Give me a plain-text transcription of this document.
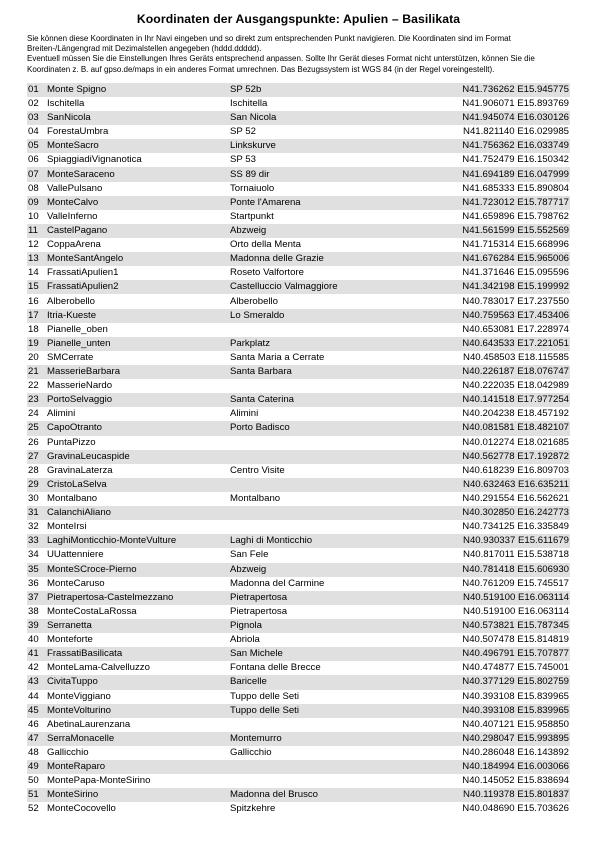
Koordinaten der Ausgangspunkte: Apulien – Basilikata

Sie können diese Koordinaten in Ihr Navi eingeben und so direkt zum entsprechenden Punkt navigieren. Die Koordinaten sind im Format Breiten-/Längengrad mit Dezimalstellen angegeben (hddd.ddddd).

Eventuell müssen Sie die Einstellungen Ihres Geräts entsprechend anpassen. Sollte Ihr Gerät dieses Format nicht unterstützen, können Sie die Koordinaten z. B. auf gpso.de/maps in ein anderes Format umrechnen. Das Bezugssystem ist WGS 84 (in der Regel voreingestellt).

01	Monte Spigno	SP 52b	N41.736262 E15.945775
02	Ischitella	Ischitella	N41.906071 E15.893769
03	SanNicola	San Nicola	N41.945074 E16.030126
04	ForestaUmbra	SP 52	N41.821140 E16.029985
05	MonteSacro	Linkskurve	N41.756362 E16.033749
06	SpiaggiadiVignanotica	SP 53	N41.752479 E16.150342
07	MonteSaraceno	SS 89 dir	N41.694189 E16.047999
08	VallePulsano	Tornaiuolo	N41.685333 E15.890804
09	MonteCalvo	Ponte l'Amarena	N41.723012 E15.787717
10	ValleInferno	Startpunkt	N41.659896 E15.798762
11	CastelPagano	Abzweig	N41.561599 E15.552569
12	CoppaArena	Orto della Menta	N41.715314 E15.668996
13	MonteSantAngelo	Madonna delle Grazie	N41.676284 E15.965006
14	FrassatiApulien1	Roseto Valfortore	N41.371646 E15.095596
15	FrassatiApulien2	Castelluccio Valmaggiore	N41.342198 E15.199992
16	Alberobello	Alberobello	N40.783017 E17.237550
17	Itria-Kueste	Lo Smeraldo	N40.759563 E17.453406
18	Pianelle_oben		N40.653081 E17.228974
19	Pianelle_unten	Parkplatz	N40.643533 E17.221051
20	SMCerrate	Santa Maria a Cerrate	N40.458503 E18.115585
21	MasserieBarbara	Santa Barbara	N40.226187 E18.076747
22	MasserieNardo		N40.222035 E18.042989
23	PortoSelvaggio	Santa Caterina	N40.141518 E17.977254
24	Alimini	Alimini	N40.204238 E18.457192
25	CapoOtranto	Porto Badisco	N40.081581 E18.482107
26	PuntaPizzo		N40.012274 E18.021685
27	GravinaLeucaspide		N40.562778 E17.192872
28	GravinaLaterza	Centro Visite	N40.618239 E16.809703
29	CristoLaSelva		N40.632463 E16.635211
30	Montalbano	Montalbano	N40.291554 E16.562621
31	CalanchiAliano		N40.302850 E16.242773
32	MonteIrsi		N40.734125 E16.335849
33	LaghiMonticchio-MonteVulture	Laghi di Monticchio	N40.930337 E15.611679
34	UUattenniere	San Fele	N40.817011 E15.538718
35	MonteSCroce-Pierno	Abzweig	N40.781418 E15.606930
36	MonteCaruso	Madonna del Carmine	N40.761209 E15.745517
37	Pietrapertosa-Castelmezzano	Pietrapertosa	N40.519100 E16.063114
38	MonteCostaLaRossa	Pietrapertosa	N40.519100 E16.063114
39	Serranetta	Pignola	N40.573821 E15.787345
40	Monteforte	Abriola	N40.507478 E15.814819
41	FrassatiBasilicata	San Michele	N40.496791 E15.707877
42	MonteLama-Calvelluzzo	Fontana delle Brecce	N40.474877 E15.745001
43	CivitaTuppo	Baricelle	N40.377129 E15.802759
44	MonteViggiano	Tuppo delle Seti	N40.393108 E15.839965
45	MonteVolturino	Tuppo delle Seti	N40.393108 E15.839965
46	AbetinaLaurenzana		N40.407121 E15.958850
47	SerraMonacelle	Montemurro	N40.298047 E15.993895
48	Gallicchio	Gallicchio	N40.286048 E16.143892
49	MonteRaparo		N40.184994 E16.003066
50	MontePapa-MonteSirino		N40.145052 E15.838694
51	MonteSirino	Madonna del Brusco	N40.119378 E15.801837
52	MonteCocovello	Spitzkehre	N40.048690 E15.703626
